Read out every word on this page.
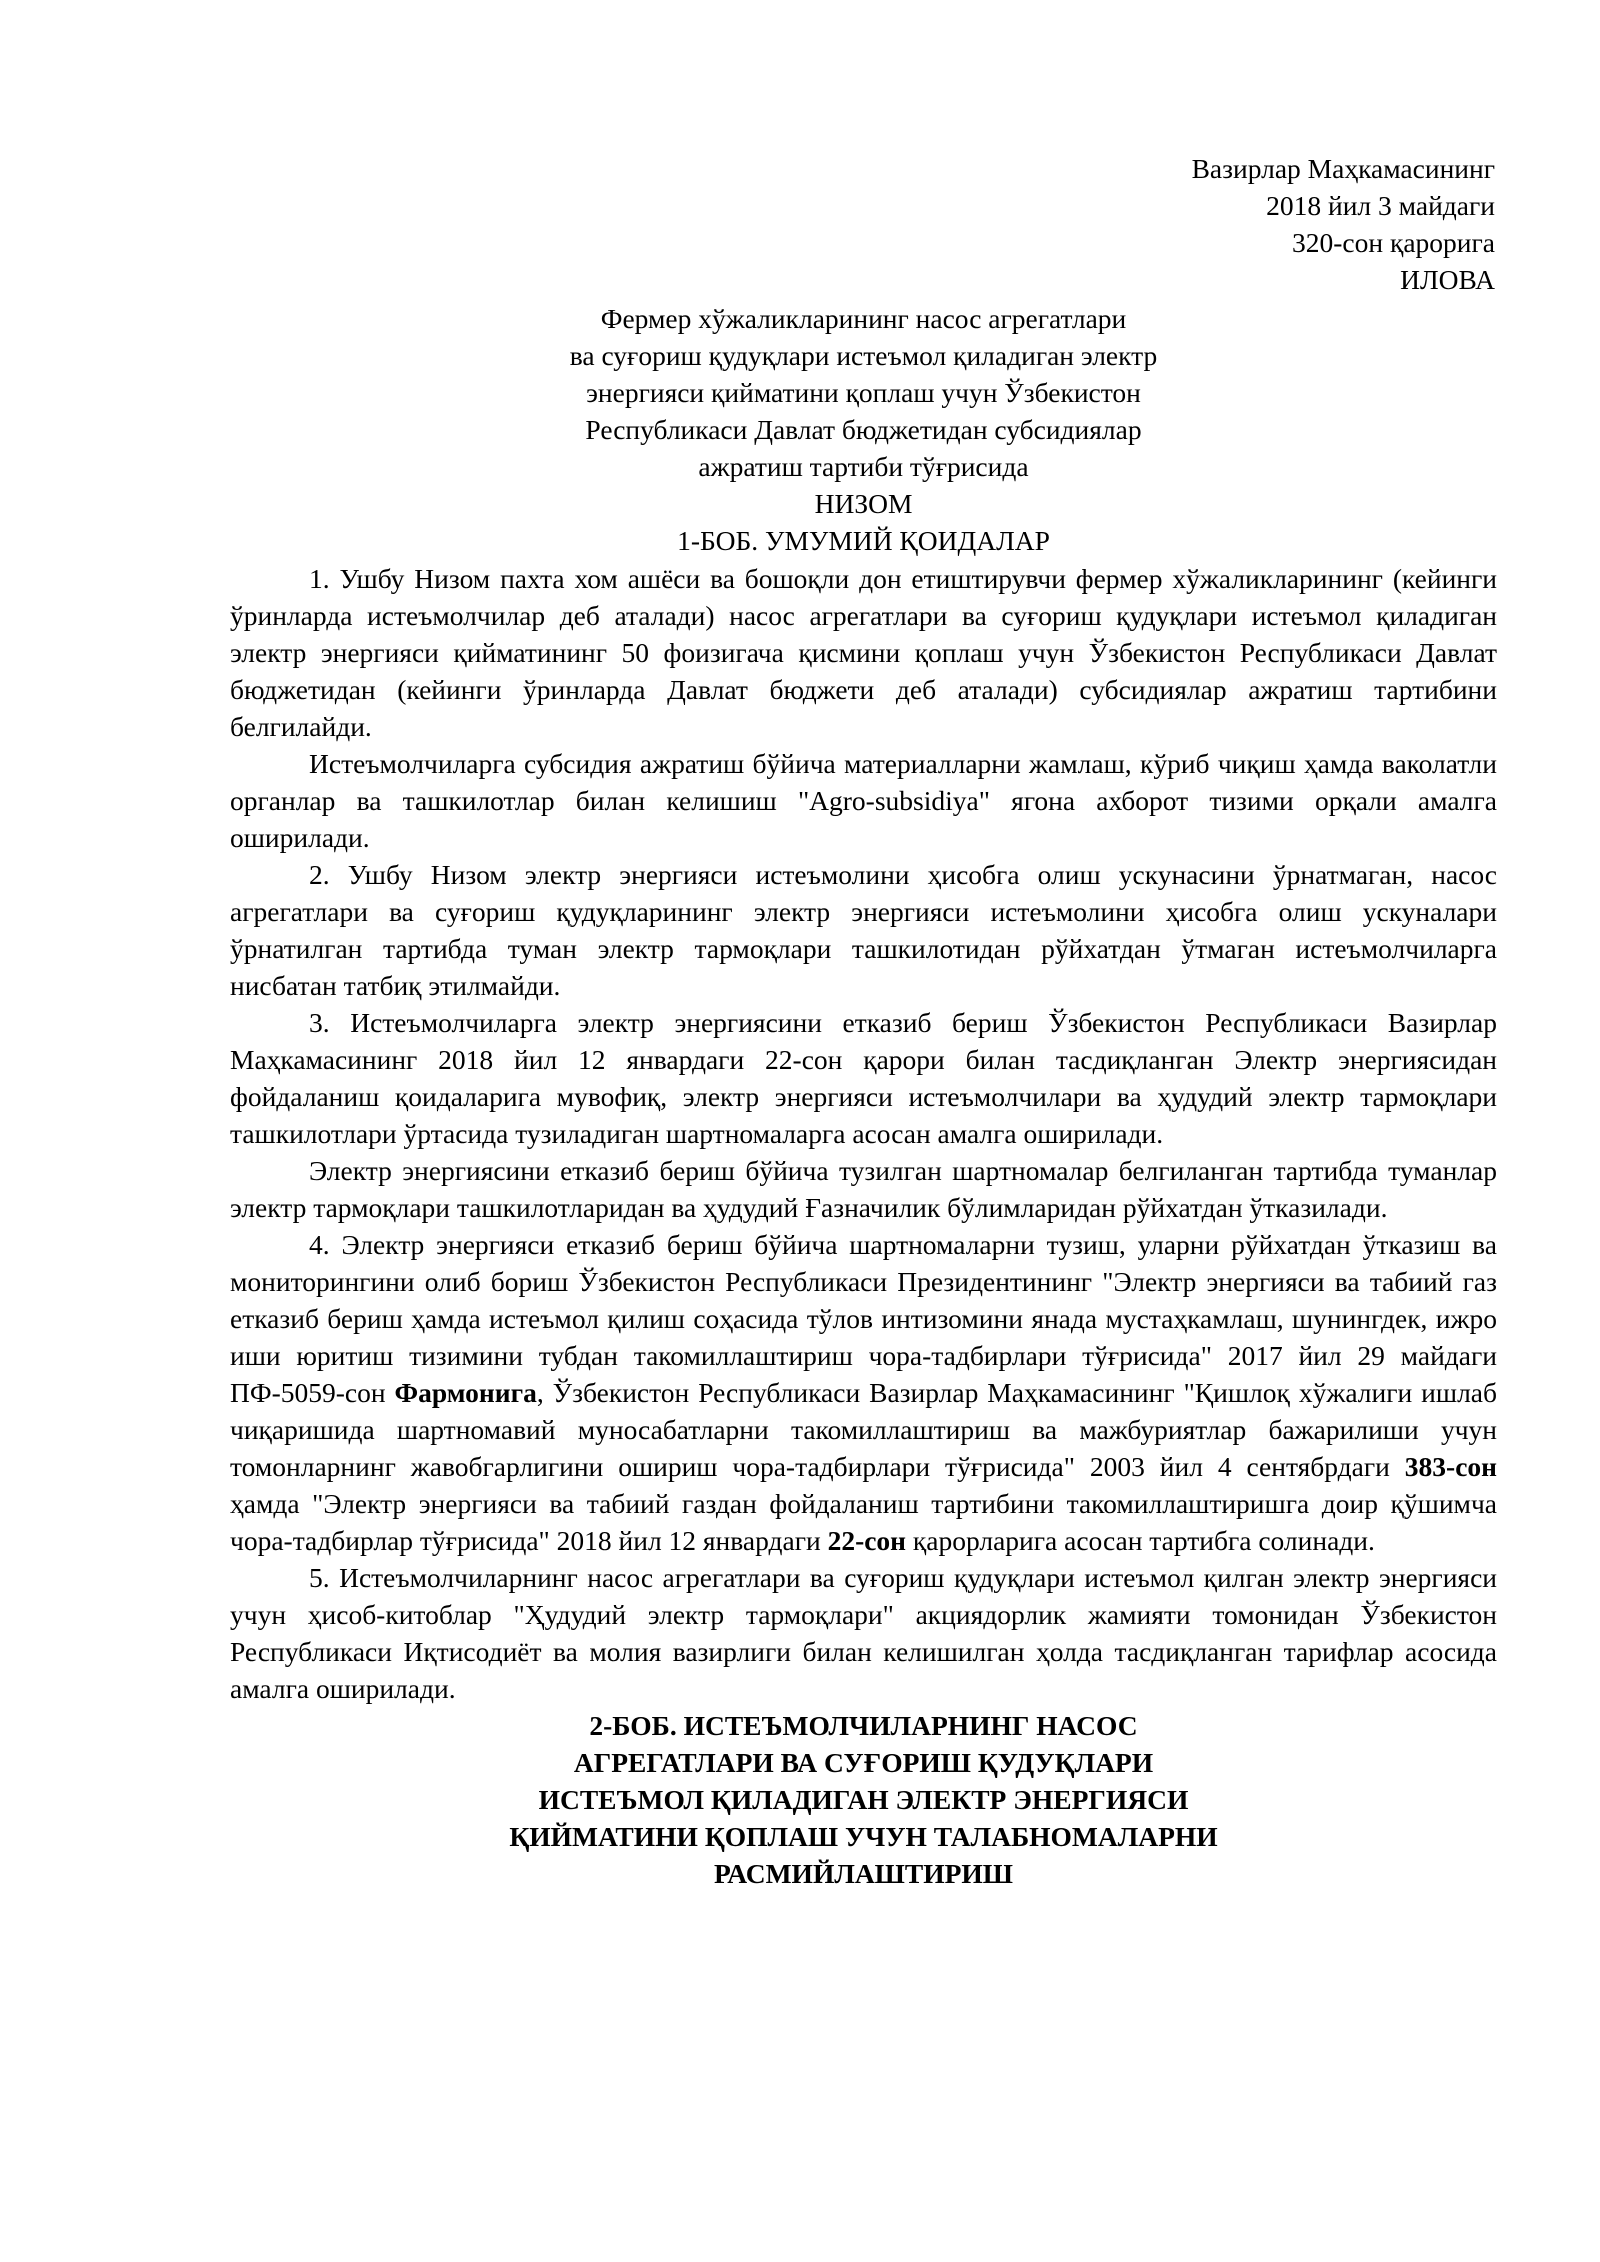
Вазирлар Маҳкамасининг
2018 йил 3 майдаги
320-сон қарорига
ИЛОВА
Фермер хўжаликларининг насос агрегатлари
ва суғориш қудуқлари истеъмол қиладиган электр
энергияси қийматини қоплаш учун Ўзбекистон
Республикаси Давлат бюджетидан субсидиялар
ажратиш тартиби тўғрисида
НИЗОМ
1-БОБ. УМУМИЙ ҚОИДАЛАР

1. Ушбу Низом пахта хом ашёси ва бошоқли дон етиштирувчи фермер хўжаликларининг (кейинги ўринларда истеъмолчилар деб аталади) насос агрегатлари ва суғориш қудуқлари истеъмол қиладиган электр энергияси қийматининг 50 фоизигача қисмини қоплаш учун Ўзбекистон Республикаси Давлат бюджетидан (кейинги ўринларда Давлат бюджети деб аталади) субсидиялар ажратиш тартибини белгилайди.

Истеъмолчиларга субсидия ажратиш бўйича материалларни жамлаш, кўриб чиқиш ҳамда ваколатли органлар ва ташкилотлар билан келишиш "Agro-subsidiya" ягона ахборот тизими орқали амалга оширилади.

2. Ушбу Низом электр энергияси истеъмолини ҳисобга олиш ускунасини ўрнатмаган, насос агрегатлари ва суғориш қудуқларининг электр энергияси истеъмолини ҳисобга олиш ускуналари ўрнатилган тартибда туман электр тармоқлари ташкилотидан рўйхатдан ўтмаган истеъмолчиларга нисбатан татбиқ этилмайди.

3. Истеъмолчиларга электр энергиясини етказиб бериш Ўзбекистон Республикаси Вазирлар Маҳкамасининг 2018 йил 12 январдаги 22-сон қарори билан тасдиқланган Электр энергиясидан фойдаланиш қоидаларига мувофиқ, электр энергияси истеъмолчилари ва ҳудудий электр тармоқлари ташкилотлари ўртасида тузиладиган шартномаларга асосан амалга оширилади.

Электр энергиясини етказиб бериш бўйича тузилган шартномалар белгиланган тартибда туманлар электр тармоқлари ташкилотларидан ва ҳудудий Ғазначилик бўлимларидан рўйхатдан ўтказилади.

4. Электр энергияси етказиб бериш бўйича шартномаларни тузиш, уларни рўйхатдан ўтказиш ва мониторингини олиб бориш Ўзбекистон Республикаси Президентининг "Электр энергияси ва табиий газ етказиб бериш ҳамда истеъмол қилиш соҳасида тўлов интизомини янада мустаҳкамлаш, шунингдек, ижро иши юритиш тизимини тубдан такомиллаштириш чора-тадбирлари тўғрисида" 2017 йил 29 майдаги ПФ-5059-сон Фармонига, Ўзбекистон Республикаси Вазирлар Маҳкамасининг "Қишлоқ хўжалиги ишлаб чиқаришида шартномавий муносабатларни такомиллаштириш ва мажбуриятлар бажарилиши учун томонларнинг жавобгарлигини ошириш чора-тадбирлари тўғрисида" 2003 йил 4 сентябрдаги 383-сон ҳамда "Электр энергияси ва табиий газдан фойдаланиш тартибини такомиллаштиришга доир қўшимча чора-тадбирлар тўғрисида" 2018 йил 12 январдаги 22-сон қарорларига асосан тартибга солинади.

5. Истеъмолчиларнинг насос агрегатлари ва суғориш қудуқлари истеъмол қилган электр энергияси учун ҳисоб-китоблар "Ҳудудий электр тармоқлари" акциядорлик жамияти томонидан Ўзбекистон Республикаси Иқтисодиёт ва молия вазирлиги билан келишилган ҳолда тасдиқланган тарифлар асосида амалга оширилади.

2-БОБ. ИСТЕЪМОЛЧИЛАРНИНГ НАСОС
АГРЕГАТЛАРИ ВА СУҒОРИШ ҚУДУҚЛАРИ
ИСТЕЪМОЛ ҚИЛАДИГАН ЭЛЕКТР ЭНЕРГИЯСИ
ҚИЙМАТИНИ ҚОПЛАШ УЧУН ТАЛАБНОМАЛАРНИ
РАСМИЙЛАШТИРИШ
